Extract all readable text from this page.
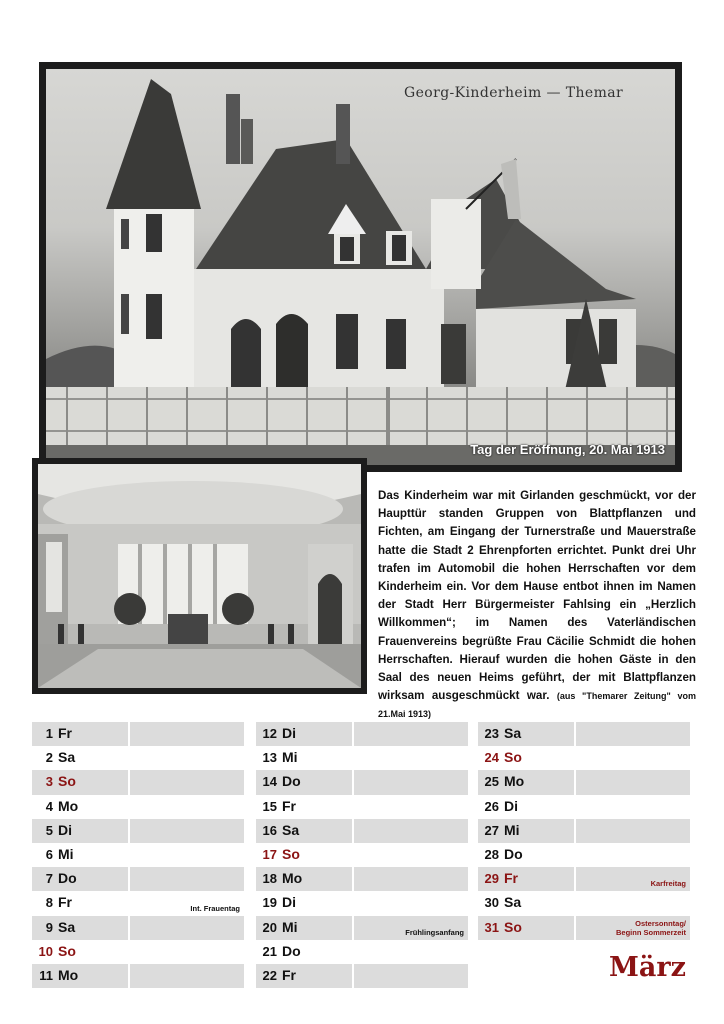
Georg-Kinderheim — Themar
Tag der Eröffnung, 20. Mai 1913
Das Kinderheim war mit Girlanden geschmückt, vor der Haupttür standen Gruppen von Blattpflanzen und Fichten, am Eingang der Turnerstraße und Mauerstraße hatte die Stadt 2 Ehrenpforten errichtet. Punkt drei Uhr trafen im Automobil die hohen Herrschaften vor dem Kinderheim ein. Vor dem Hause entbot ihnen im Namen der Stadt Herr Bürgermeister Fahlsing ein „Herzlich Willkommen“; im Namen des Vaterländischen Frauenvereins begrüßte Frau Cäcilie Schmidt die hohen Herrschaften. Hierauf wurden die hohen Gäste in den Saal des neuen Heims geführt, der mit Blattpflanzen wirksam ausgeschmückt war. (aus "Themarer Zeitung" vom 21.Mai 1913)
1 Fr
2 Sa
3 So
4 Mo
5 Di
6 Mi
7 Do
8 Fr	Int. Frauentag
9 Sa
10 So
11 Mo
12 Di
13 Mi
14 Do
15 Fr
16 Sa
17 So
18 Mo
19 Di
20 Mi	Frühlingsanfang
21 Do
22 Fr
23 Sa
24 So
25 Mo
26 Di
27 Mi
28 Do
29 Fr	Karfreitag
30 Sa
31 So	Ostersonntag/
Beginn Sommerzeit
März
